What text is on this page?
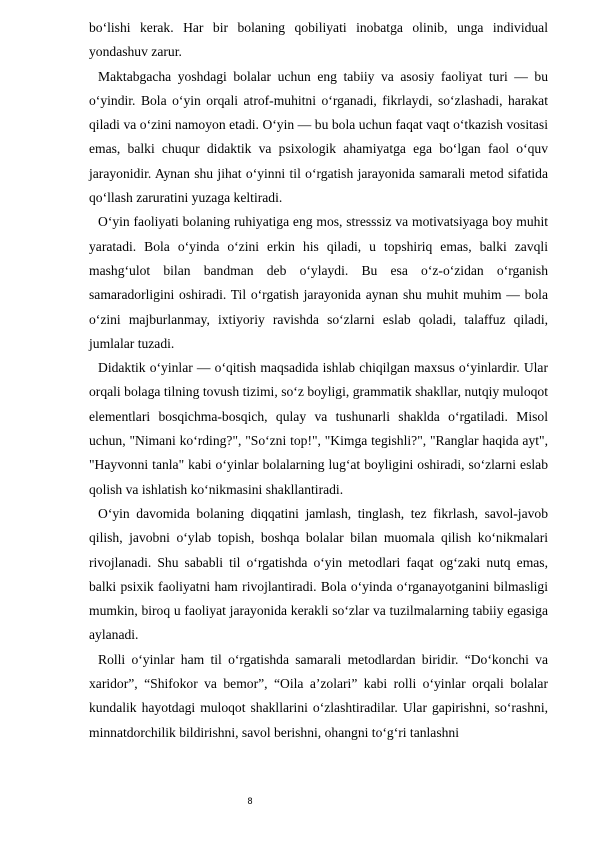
bo‘lishi kerak. Har bir bolaning qobiliyati inobatga olinib, unga individual yondashuv zarur.

Maktabgacha yoshdagi bolalar uchun eng tabiiy va asosiy faoliyat turi — bu o‘yindir. Bola o‘yin orqali atrof-muhitni o‘rganadi, fikrlaydi, so‘zlashadi, harakat qiladi va o‘zini namoyon etadi. O‘yin — bu bola uchun faqat vaqt o‘tkazish vositasi emas, balki chuqur didaktik va psixologik ahamiyatga ega bo‘lgan faol o‘quv jarayonidir. Aynan shu jihat o‘yinni til o‘rgatish jarayonida samarali metod sifatida qo‘llash zaruratini yuzaga keltiradi.

O‘yin faoliyati bolaning ruhiyatiga eng mos, stresssiz va motivatsiyaga boy muhit yaratadi. Bola o‘yinda o‘zini erkin his qiladi, u topshiriq emas, balki zavqli mashg‘ulot bilan bandman deb o‘ylaydi. Bu esa o‘z-o‘zidan o‘rganish samaradorligini oshiradi. Til o‘rgatish jarayonida aynan shu muhit muhim — bola o‘zini majburlanmay, ixtiyoriy ravishda so‘zlarni eslab qoladi, talaffuz qiladi, jumlalar tuzadi.

Didaktik o‘yinlar — o‘qitish maqsadida ishlab chiqilgan maxsus o‘yinlardir. Ular orqali bolaga tilning tovush tizimi, so‘z boyligi, grammatik shakllar, nutqiy muloqot elementlari bosqichma-bosqich, qulay va tushunarli shaklda o‘rgatiladi. Misol uchun, "Nimani ko‘rding?", "So‘zni top!", "Kimga tegishli?", "Ranglar haqida ayt", "Hayvonni tanla" kabi o‘yinlar bolalarning lug‘at boyligini oshiradi, so‘zlarni eslab qolish va ishlatish ko‘nikmasini shakllantiradi.

O‘yin davomida bolaning diqqatini jamlash, tinglash, tez fikrlash, savol-javob qilish, javobni o‘ylab topish, boshqa bolalar bilan muomala qilish ko‘nikmalari rivojlanadi. Shu sababli til o‘rgatishda o‘yin metodlari faqat og‘zaki nutq emas, balki psixik faoliyatni ham rivojlantiradi. Bola o‘yinda o‘rganayotganini bilmasligi mumkin, biroq u faoliyat jarayonida kerakli so‘zlar va tuzilmalarning tabiiy egasiga aylanadi.

Rolli o‘yinlar ham til o‘rgatishda samarali metodlardan biridir. “Do‘konchi va xaridor”, “Shifokor va bemor”, “Oila a’zolari” kabi rolli o‘yinlar orqali bolalar kundalik hayotdagi muloqot shakllarini o‘zlashtiradilar. Ular gapirishni, so‘rashni, minnatdorchilik bildirishni, savol berishni, ohangni to‘g‘ri tanlashni

8
